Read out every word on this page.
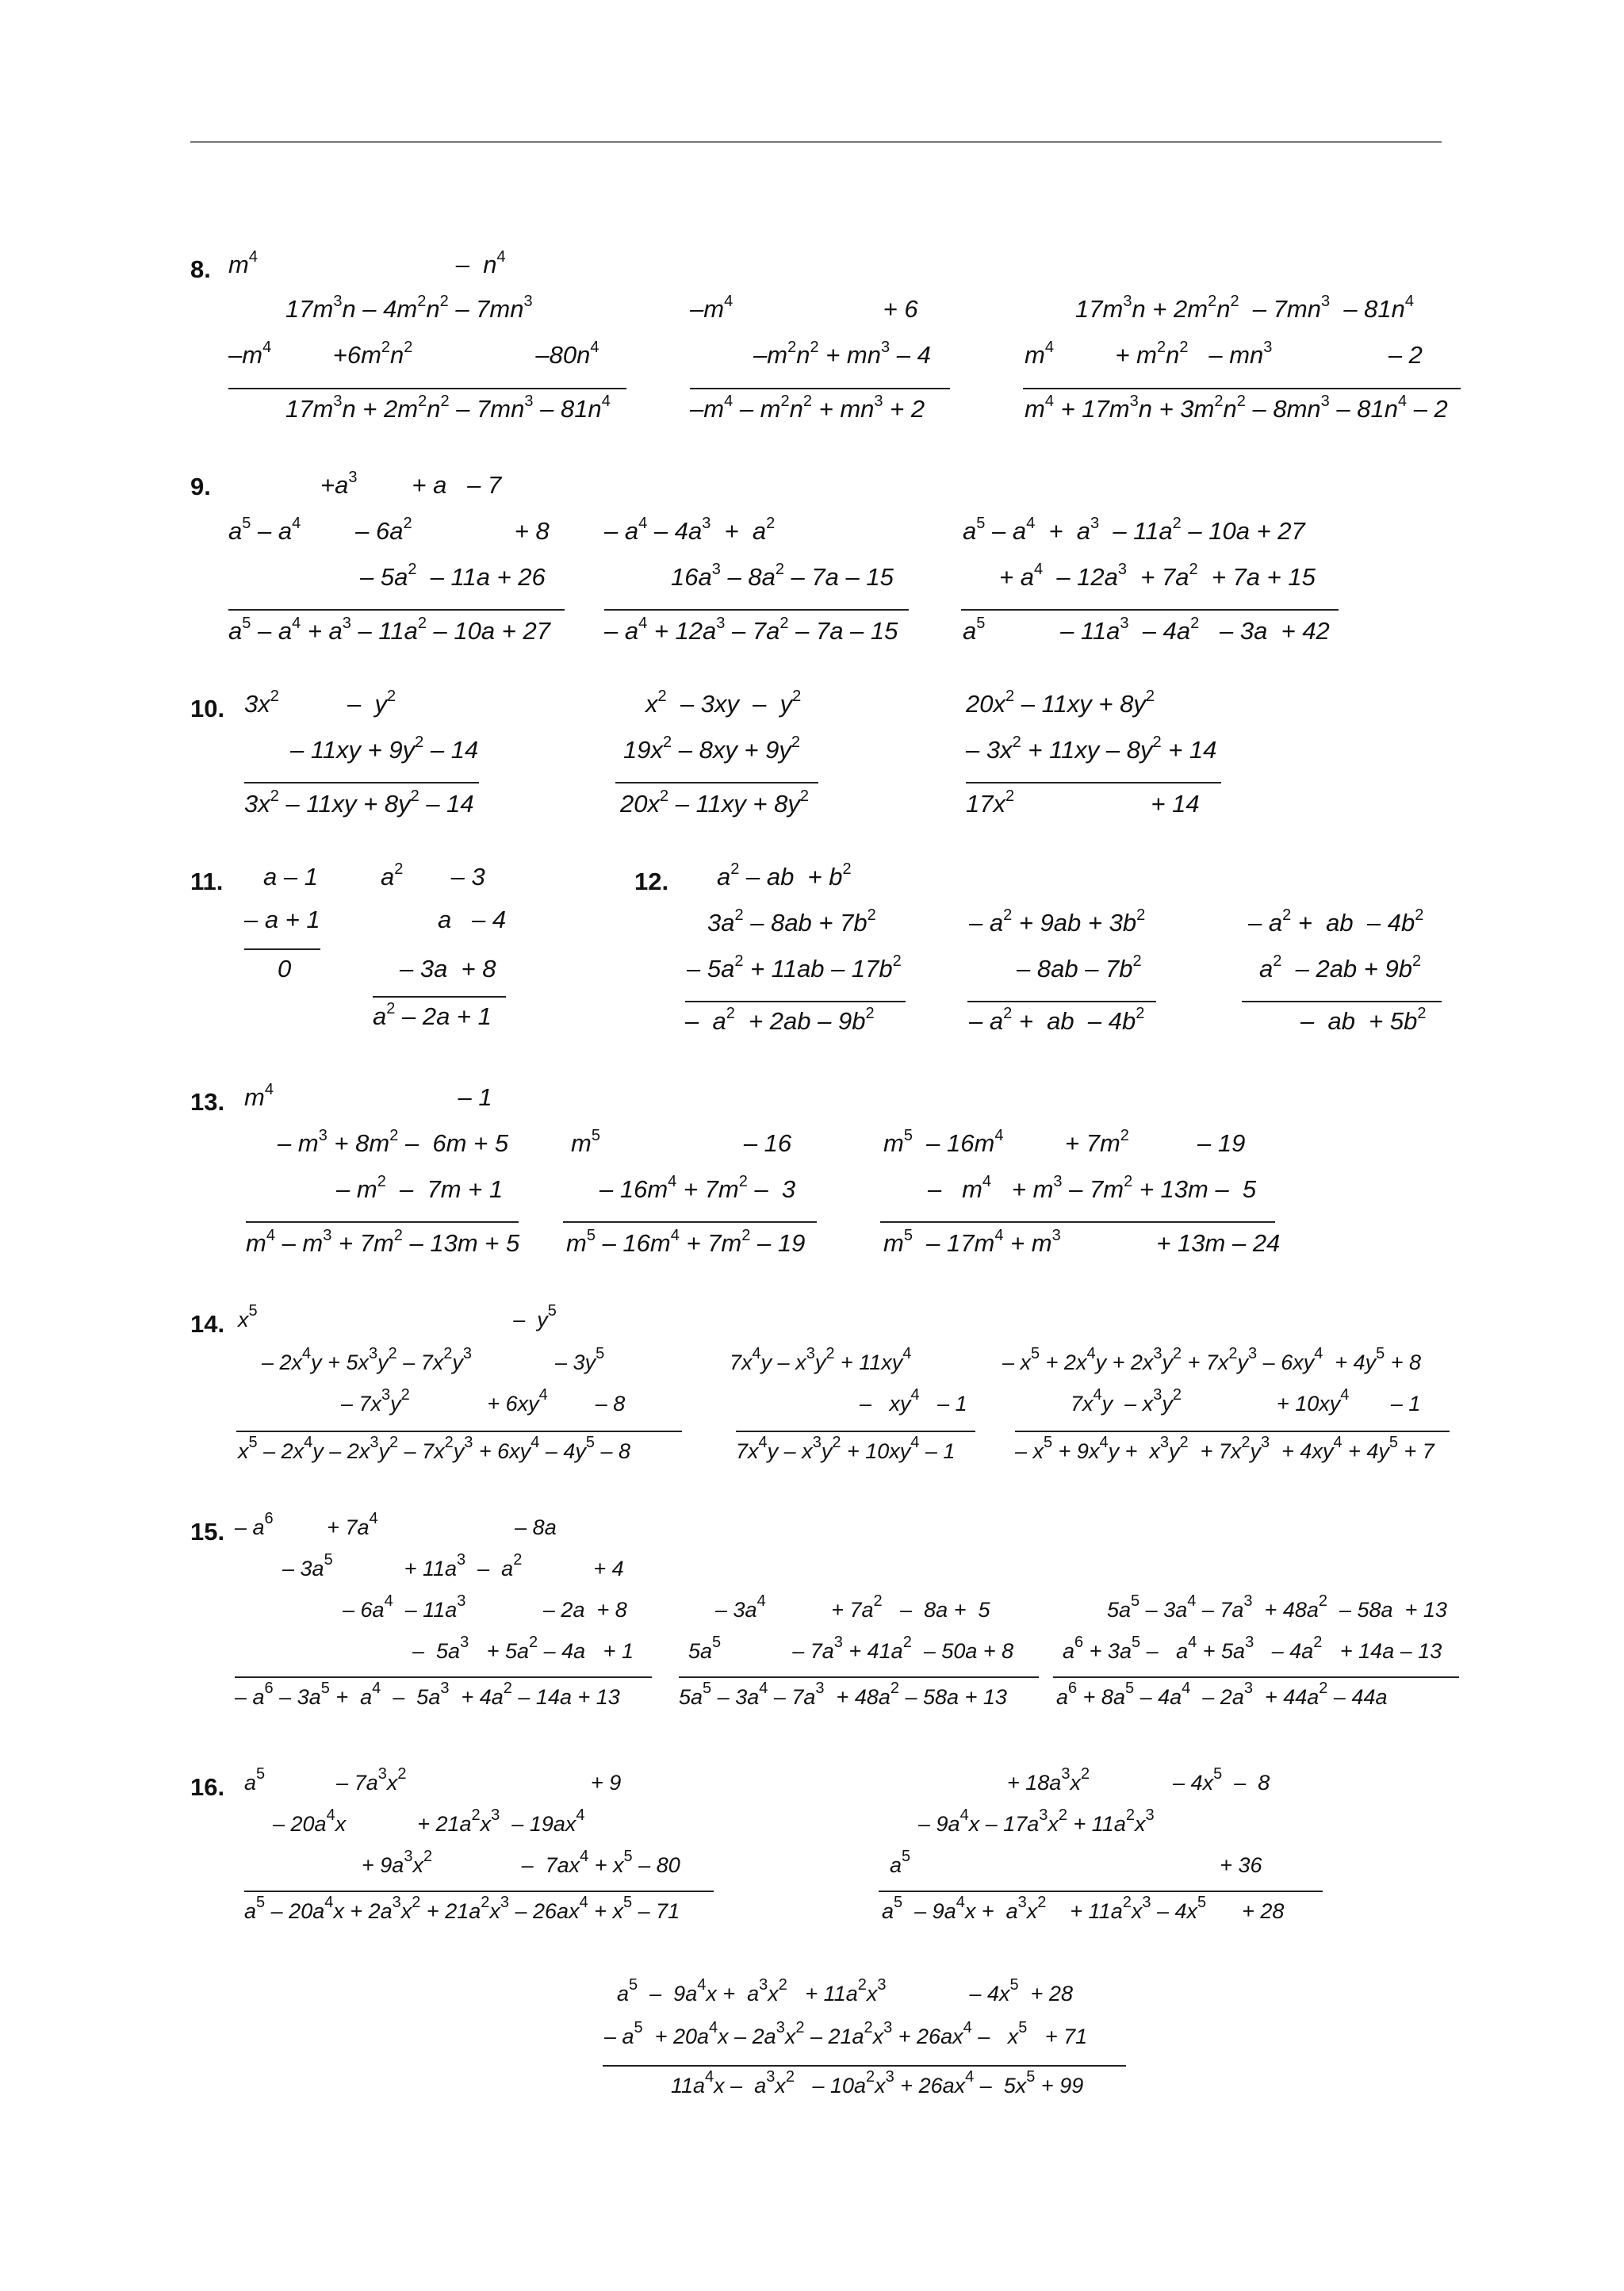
8. $m^4$                             –  $n^4$
$17m^3n - 4m^2n^2 - 7mn^3$
$-m^4$         $+6m^2n^2$                  $-80n^4$
$17m^3n + 2m^2n^2 - 7mn^3 - 81n^4$
$-m^4$                      + 6
$-m^2n^2 + mn^3 - 4$
$-m^4 - m^2n^2 + mn^3 + 2$
$17m^3n + 2m^2n^2 - 7mn^3 - 81n^4$
$m^4$         + $m^2n^2 - mn^3$                 – 2
$m^4 + 17m^3n + 3m^2n^2 - 8mn^3 - 81n^4 - 2$
9.	$+a^3$        + a   – 7
$a^5 - a^4$        – $6a^2$               + 8
– $5a^2 - 11a + 26$
$a^5 - a^4 + a^3 - 11a^2 - 10a + 27$
– $a^4 - 4a^3 + a^2$
$16a^3 - 8a^2 - 7a - 15$
– $a^4 + 12a^3 - 7a^2 - 7a - 15$
$a^5 - a^4 + a^3 - 11a^2 - 10a + 27$
+ $a^4 - 12a^3 + 7a^2 + 7a + 15$
$a^5$           – $11a^3 - 4a^2 - 3a + 42$
10. $3x^2$          –  $y^2$
– $11xy + 9y^2 - 14$
$3x^2 - 11xy + 8y^2 - 14$
$x^2 - 3xy - y^2$
$19x^2 - 8xy + 9y^2$
$20x^2 - 11xy + 8y^2$
$20x^2 - 11xy + 8y^2$
– $3x^2 + 11xy - 8y^2 + 14$
$17x^2$                    + 14
11. a – 1
– a + 1
0
$a^2$       – 3
a   – 4
– 3a  + 8
$a^2 - 2a + 1$
12. $a^2$ – ab  + $b^2$
$3a^2 - 8ab + 7b^2$
– $5a^2 + 11ab - 17b^2$
–  $a^2 + 2ab - 9b^2$
– $a^2 + 9ab + 3b^2$
– $8ab - 7b^2$
– $a^2$ +  ab  – $4b^2$
– $a^2$ +  ab  – $4b^2$
$a^2 - 2ab + 9b^2$
–  ab  + $5b^2$
13. $m^4$                           – 1
– $m^3 + 8m^2 - 6m + 5$
– $m^2 - 7m + 1$
$m^4 - m^3 + 7m^2 - 13m + 5$
$m^5$                     – 16
– $16m^4 + 7m^2 - 3$
$m^5 - 16m^4 + 7m^2 - 19$
$m^5 - 16m^4$         + $7m^2$          – 19
–   $m^4 + m^3 - 7m^2 + 13m - 5$
$m^5 - 17m^4 + m^3$              + 13m – 24
14. $x^5$                                           –  $y^5$
– $2x^4y + 5x^3y^2 - 7x^2y^3$              – $3y^5$
– $7x^3y^2$             + $6xy^4$        – 8
$x^5 - 2x^4y - 2x^3y^2 - 7x^2y^3 + 6xy^4 - 4y^5 - 8$
$7x^4y - x^3y^2 + 11xy^4$
–   $xy^4 - 1$
$7x^4y - x^3y^2 + 10xy^4 - 1$
– $x^5 + 2x^4y + 2x^3y^2 + 7x^2y^3 - 6xy^4 + 4y^5 + 8$
$7x^4y - x^3y^2$                + $10xy^4$       – 1
– $x^5 + 9x^4y + x^3y^2 + 7x^2y^3 + 4xy^4 + 4y^5 + 7$
15. – $a^6$         + $7a^4$                       – 8a
– $3a^5$            + $11a^3 - a^2$            + 4
– $6a^4 - 11a^3$             – 2a  + 8
–  $5a^3 + 5a^2 - 4a + 1$
– $a^6 - 3a^5 + a^4 - 5a^3 + 4a^2 - 14a + 13$
– $3a^4$           + $7a^2 - 8a + 5$
$5a^5$            – $7a^3 + 41a^2 - 50a + 8$
$5a^5 - 3a^4 - 7a^3 + 48a^2 - 58a + 13$
$5a^5 - 3a^4 - 7a^3 + 48a^2 - 58a + 13$
$a^6 + 3a^5 - a^4 + 5a^3 - 4a^2 + 14a - 13$
$a^6 + 8a^5 - 4a^4 - 2a^3 + 44a^2 - 44a$
16. $a^5$            – $7a^3x^2$                               + 9
– $20a^4x$            + $21a^2x^3 - 19ax^4$
+ $9a^3x^2$               –  $7ax^4 + x^5 - 80$
$a^5 - 20a^4x + 2a^3x^2 + 21a^2x^3 - 26ax^4 + x^5 - 71$
+ $18a^3x^2$              – $4x^5 - 8$
– $9a^4x - 17a^3x^2 + 11a^2x^3$
$a^5$                                                    + 36
$a^5 - 9a^4x + a^3x^2$    + $11a^2x^3 - 4x^5$      + 28
$a^5 - 9a^4x + a^3x^2 + 11a^2x^3$              – $4x^5 + 28$
– $a^5 + 20a^4x - 2a^3x^2 - 21a^2x^3 + 26ax^4 - x^5 + 71$
$11a^4x - a^3x^2 - 10a^2x^3 + 26ax^4 - 5x^5 + 99$
